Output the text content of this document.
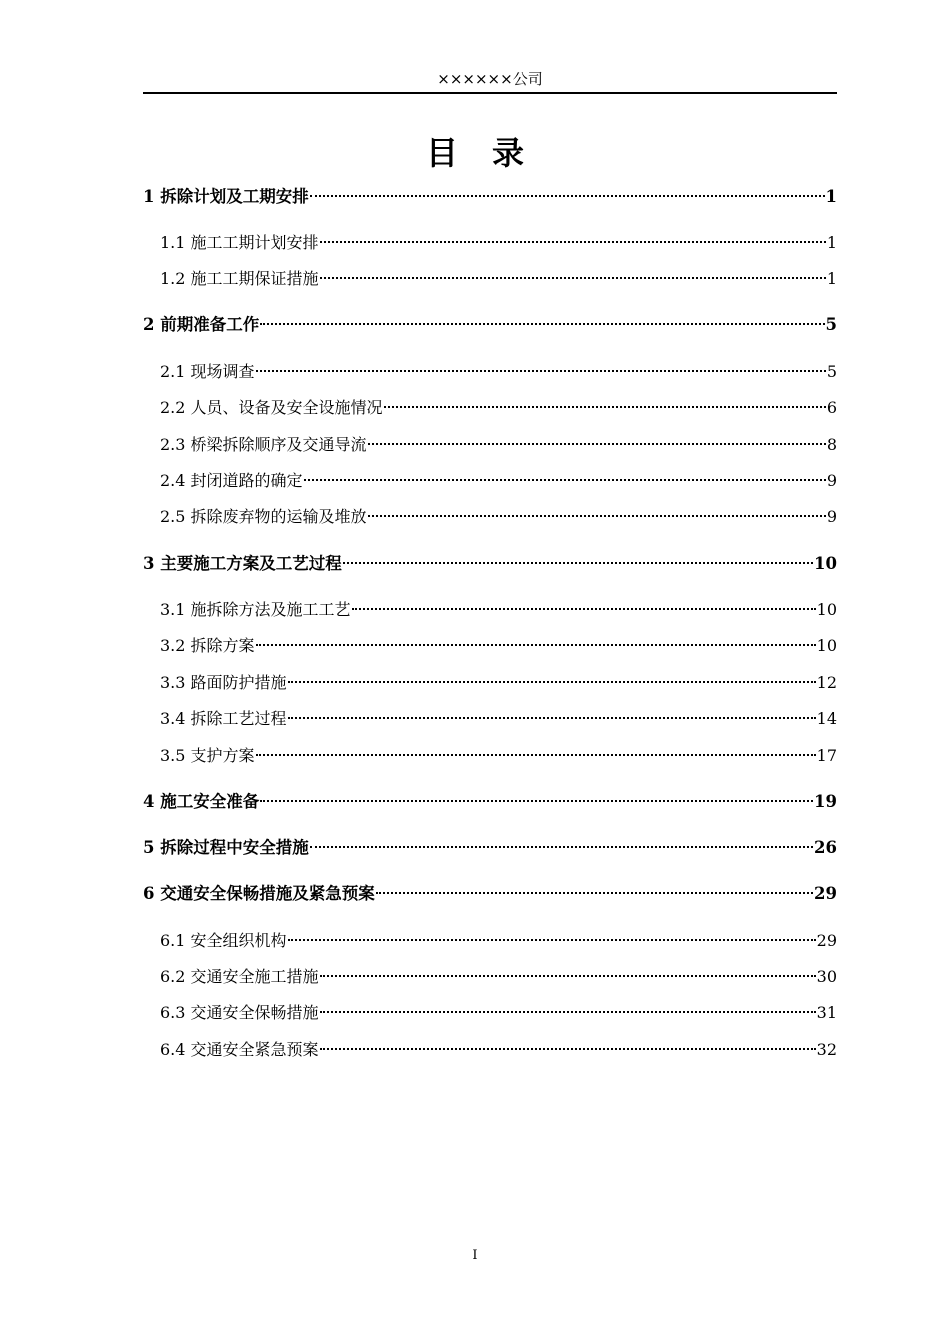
××××××公司
目录
1 拆除计划及工期安排	1
1.1 施工工期计划安排	1
1.2 施工工期保证措施	1
2 前期准备工作	5
2.1 现场调查	5
2.2 人员、设备及安全设施情况	6
2.3 桥梁拆除顺序及交通导流	8
2.4 封闭道路的确定	9
2.5 拆除废弃物的运输及堆放	9
3 主要施工方案及工艺过程	10
3.1 施拆除方法及施工工艺	10
3.2 拆除方案	10
3.3 路面防护措施	12
3.4 拆除工艺过程	14
3.5 支护方案	17
4 施工安全准备	19
5 拆除过程中安全措施	26
6 交通安全保畅措施及紧急预案	29
6.1 安全组织机构	29
6.2 交通安全施工措施	30
6.3 交通安全保畅措施	31
6.4 交通安全紧急预案	32
I
